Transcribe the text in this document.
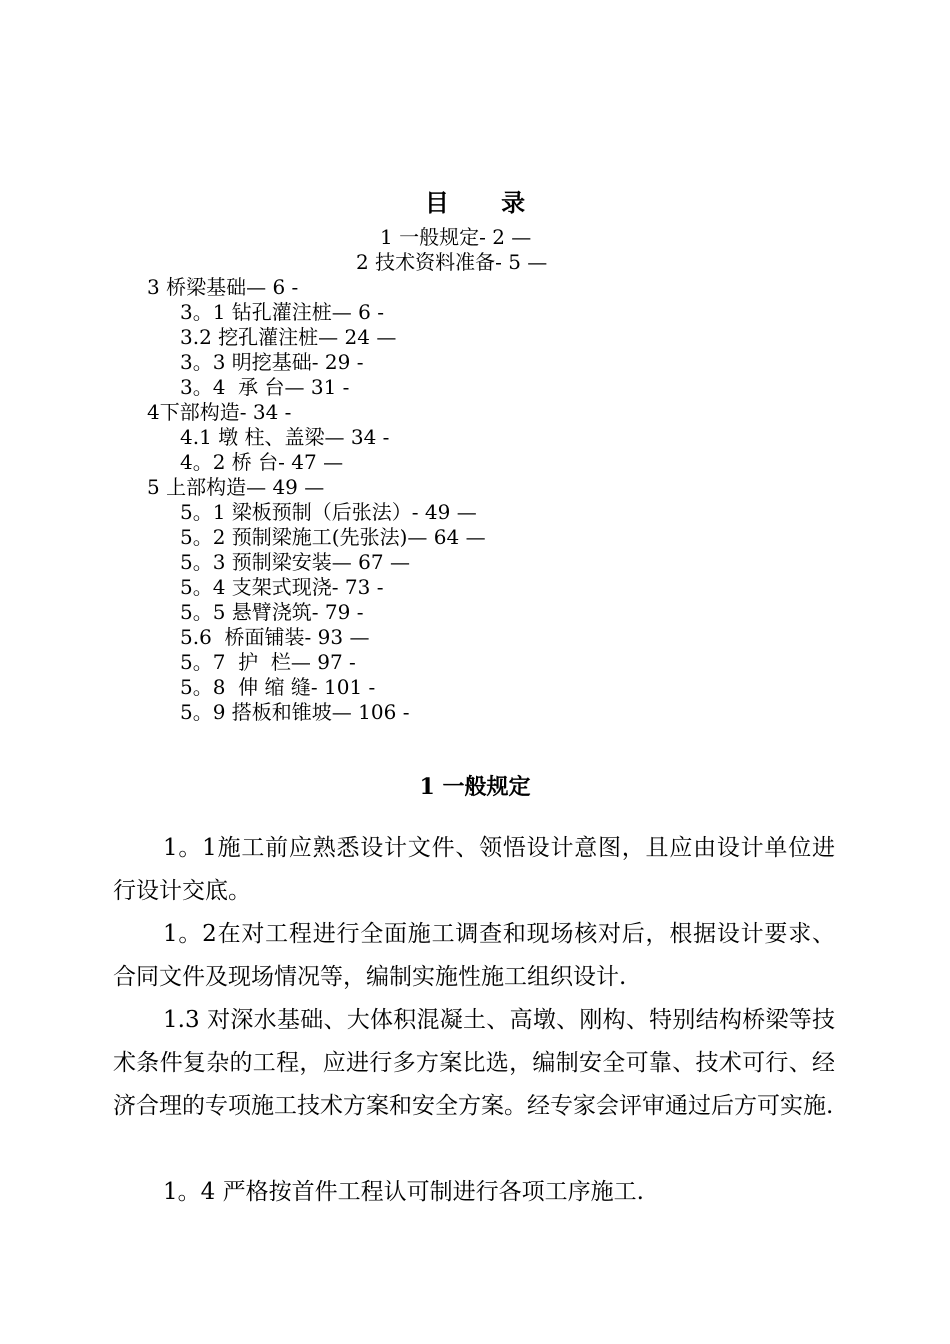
目 录
1 一般规定- 2 —
2 技术资料准备- 5 —
3 桥梁基础— 6 -
3。1 钻孔灌注桩— 6 -
3.2 挖孔灌注桩— 24 —
3。3 明挖基础- 29 -
3。4  承 台— 31 -
4下部构造- 34 -
4.1 墩 柱、盖梁— 34 -
4。2 桥 台- 47 —
5 上部构造— 49 —
5。1 梁板预制（后张法）- 49 —
5。2 预制梁施工(先张法)— 64 —
5。3 预制梁安装— 67 —
5。4 支架式现浇- 73 -
5。5 悬臂浇筑- 79 -
5.6  桥面铺装- 93 —
5。7  护  栏— 97 -
5。8  伸 缩 缝- 101 -
5。9 搭板和锥坡— 106 -
1 一般规定
1。1施工前应熟悉设计文件、领悟设计意图，且应由设计单位进行设计交底。
1。2在对工程进行全面施工调查和现场核对后，根据设计要求、合同文件及现场情况等，编制实施性施工组织设计.
1.3 对深水基础、大体积混凝土、高墩、刚构、特别结构桥梁等技术条件复杂的工程，应进行多方案比选，编制安全可靠、技术可行、经济合理的专项施工技术方案和安全方案。经专家会评审通过后方可实施.
1。4 严格按首件工程认可制进行各项工序施工.
